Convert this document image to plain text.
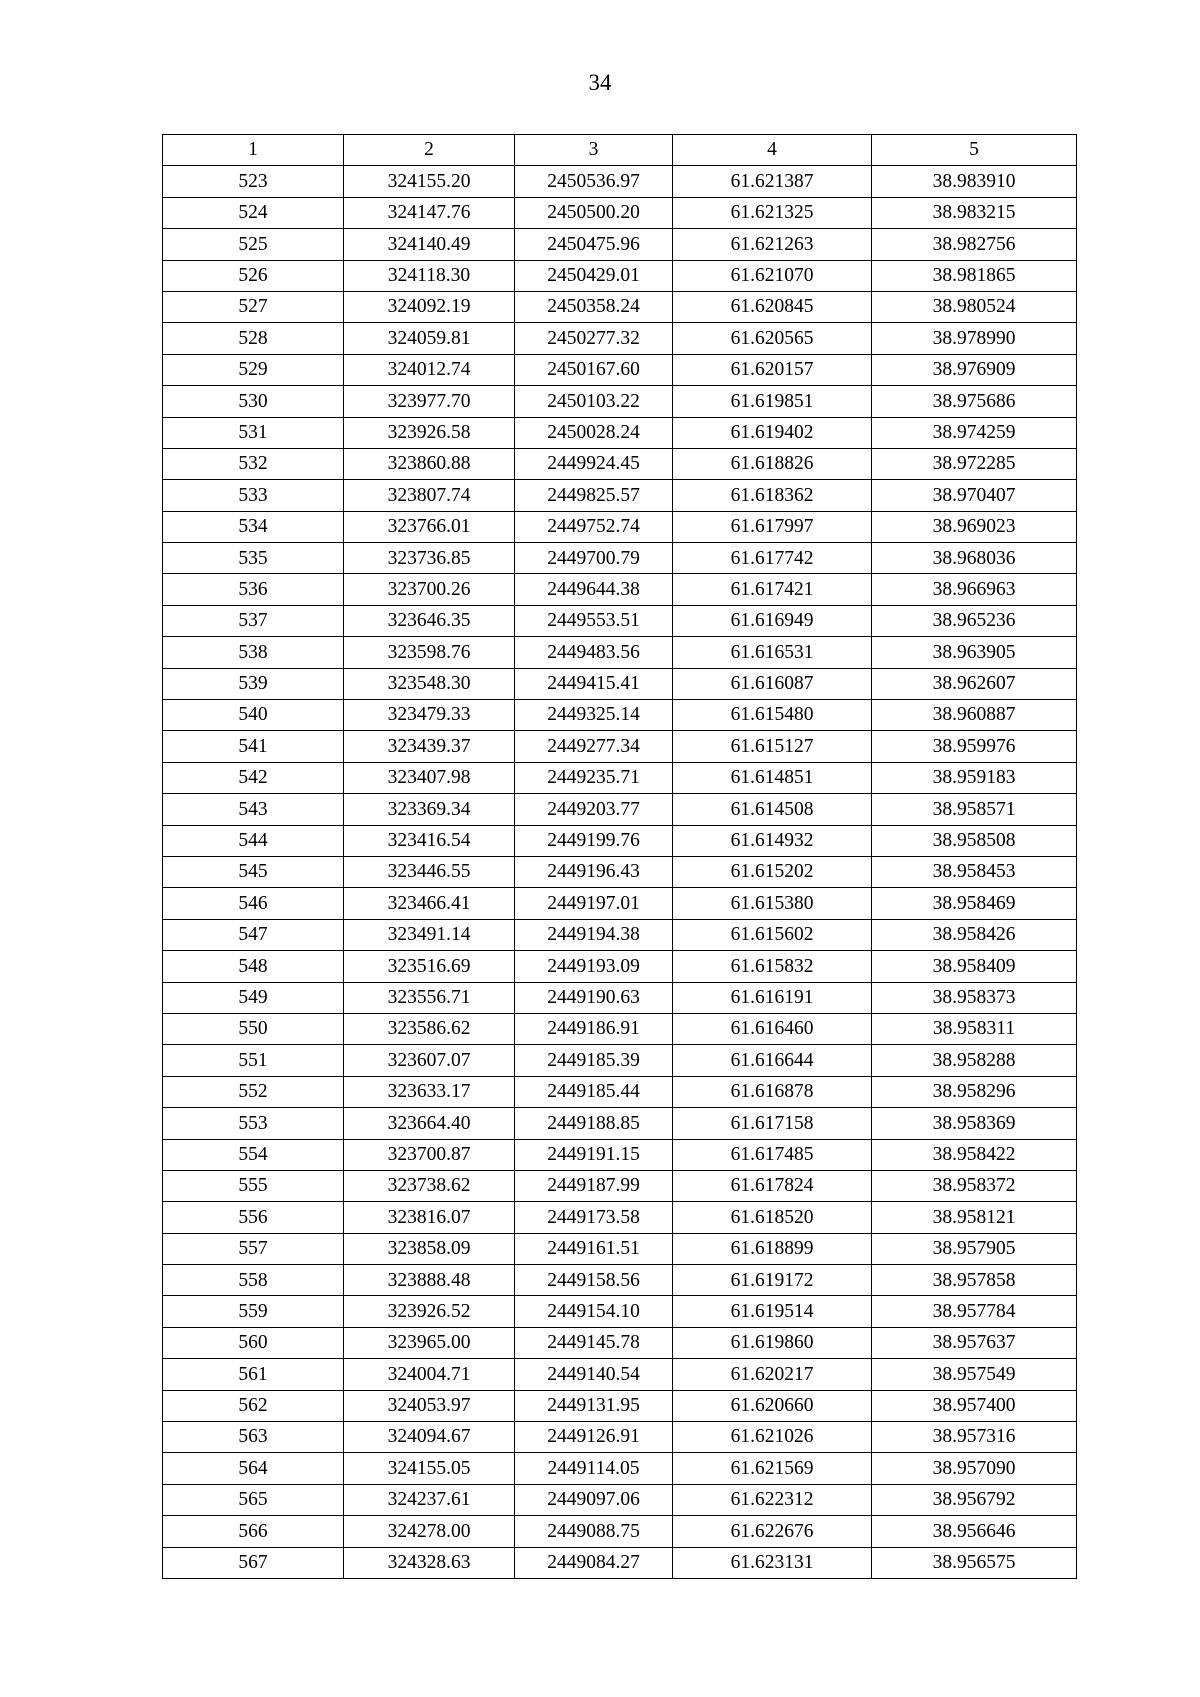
34
1	2	3	4	5
523	324155.20	2450536.97	61.621387	38.983910
524	324147.76	2450500.20	61.621325	38.983215
525	324140.49	2450475.96	61.621263	38.982756
526	324118.30	2450429.01	61.621070	38.981865
527	324092.19	2450358.24	61.620845	38.980524
528	324059.81	2450277.32	61.620565	38.978990
529	324012.74	2450167.60	61.620157	38.976909
530	323977.70	2450103.22	61.619851	38.975686
531	323926.58	2450028.24	61.619402	38.974259
532	323860.88	2449924.45	61.618826	38.972285
533	323807.74	2449825.57	61.618362	38.970407
534	323766.01	2449752.74	61.617997	38.969023
535	323736.85	2449700.79	61.617742	38.968036
536	323700.26	2449644.38	61.617421	38.966963
537	323646.35	2449553.51	61.616949	38.965236
538	323598.76	2449483.56	61.616531	38.963905
539	323548.30	2449415.41	61.616087	38.962607
540	323479.33	2449325.14	61.615480	38.960887
541	323439.37	2449277.34	61.615127	38.959976
542	323407.98	2449235.71	61.614851	38.959183
543	323369.34	2449203.77	61.614508	38.958571
544	323416.54	2449199.76	61.614932	38.958508
545	323446.55	2449196.43	61.615202	38.958453
546	323466.41	2449197.01	61.615380	38.958469
547	323491.14	2449194.38	61.615602	38.958426
548	323516.69	2449193.09	61.615832	38.958409
549	323556.71	2449190.63	61.616191	38.958373
550	323586.62	2449186.91	61.616460	38.958311
551	323607.07	2449185.39	61.616644	38.958288
552	323633.17	2449185.44	61.616878	38.958296
553	323664.40	2449188.85	61.617158	38.958369
554	323700.87	2449191.15	61.617485	38.958422
555	323738.62	2449187.99	61.617824	38.958372
556	323816.07	2449173.58	61.618520	38.958121
557	323858.09	2449161.51	61.618899	38.957905
558	323888.48	2449158.56	61.619172	38.957858
559	323926.52	2449154.10	61.619514	38.957784
560	323965.00	2449145.78	61.619860	38.957637
561	324004.71	2449140.54	61.620217	38.957549
562	324053.97	2449131.95	61.620660	38.957400
563	324094.67	2449126.91	61.621026	38.957316
564	324155.05	2449114.05	61.621569	38.957090
565	324237.61	2449097.06	61.622312	38.956792
566	324278.00	2449088.75	61.622676	38.956646
567	324328.63	2449084.27	61.623131	38.956575
